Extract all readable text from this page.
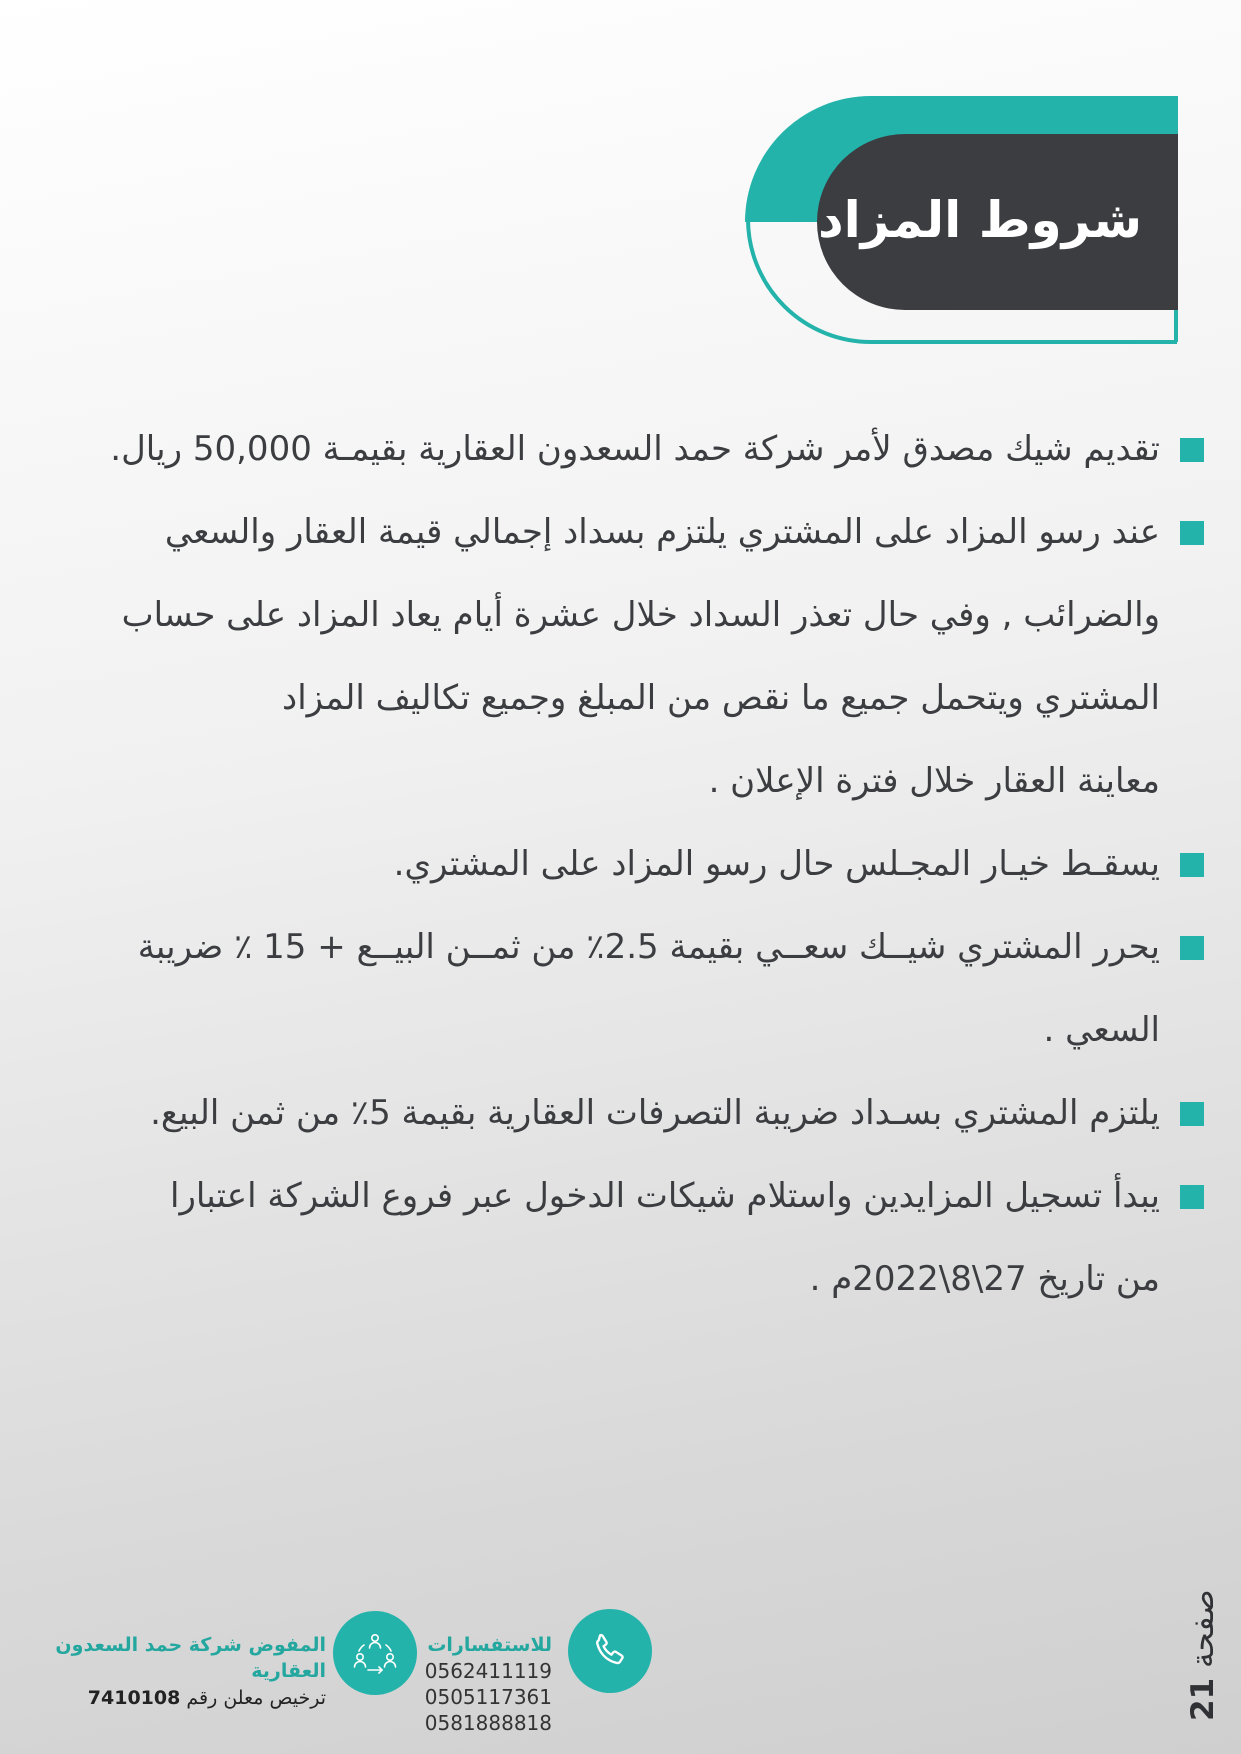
شروط المزاد
تقديم شيك مصدق لأمر شركة حمد السعدون العقارية بقيمـة 50,000 ريال.
عند رسو المزاد على المشتري يلتزم بسداد إجمالي قيمة العقار والسعي
والضرائب , وفي حال تعذر السداد خلال عشرة أيام يعاد المزاد على حساب
المشتري ويتحمل جميع ما نقص من المبلغ وجميع تكاليف المزاد
معاينة العقار خلال فترة الإعلان .
يسقـط خيـار المجـلس حال رسو المزاد على المشتري.
يحرر المشتري شيــك سعــي بقيمة 2.5٪ من ثمــن البيــع + 15 ٪ ضريبة
السعي .
يلتزم المشتري بسـداد ضريبة التصرفات العقارية بقيمة 5٪ من ثمن البيع.
يبدأ تسجيل المزايدين واستلام شيكات الدخول عبر فروع الشركة اعتبارا
من تاريخ 27\8\2022م .
صفحة

21
للاستفسارات
0562411119
0505117361
0581888818
المفوض شركة حمد السعدون العقارية
ترخيص معلن رقم 7410108
